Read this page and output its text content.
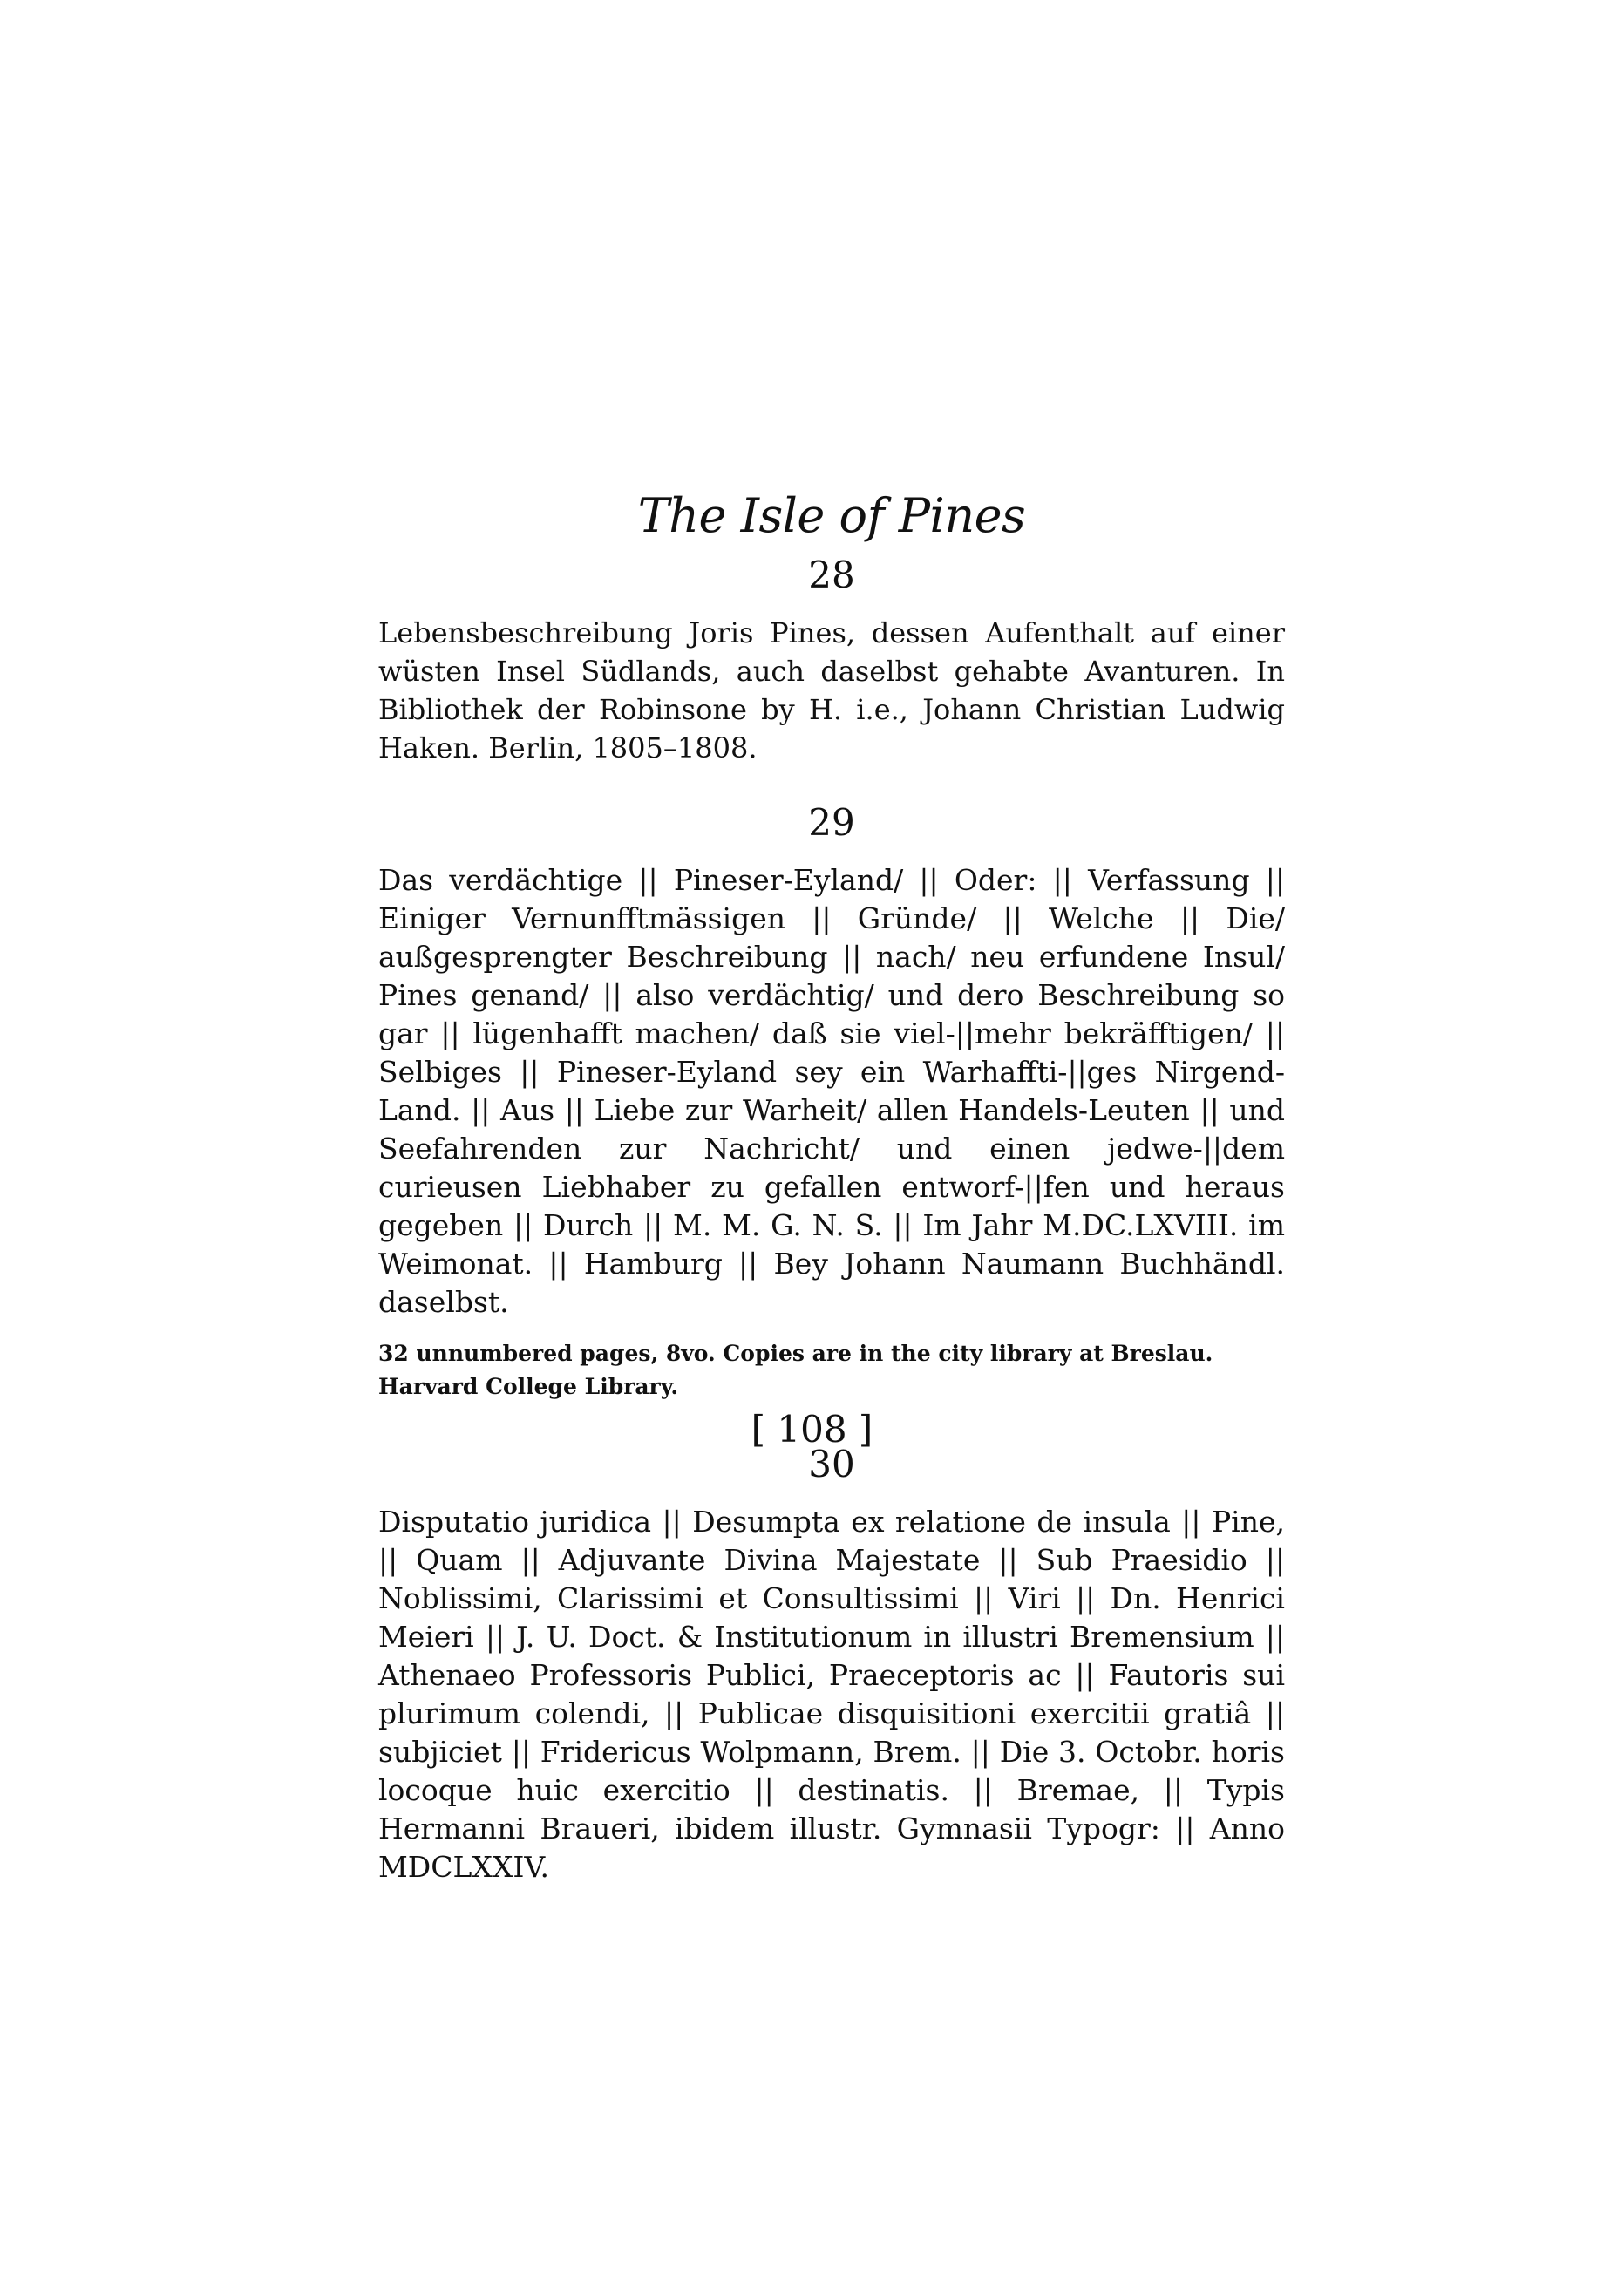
The Isle of Pines
28
Lebensbeschreibung Joris Pines, dessen Aufenthalt auf einer wüsten Insel Südlands, auch daselbst gehabte Avanturen. In Bibliothek der Robinsone by H. i.e., Johann Christian Ludwig Haken. Berlin, 1805–1808.
29
Das verdächtige || Pineser-Eyland/ || Oder: || Verfassung || Einiger Vernunfftmässigen || Gründe/ || Welche || Die/ außgesprengter Beschreibung || nach/ neu erfundene Insul/ Pines genand/ || also verdächtig/ und dero Beschreibung so gar || lügenhafft machen/ daß sie viel-||mehr bekräfftigen/ || Selbiges || Pineser-Eyland sey ein Warhaffti-||ges Nirgend-Land. || Aus || Liebe zur Warheit/ allen Handels-Leuten || und Seefahrenden zur Nachricht/ und einen jedwe-||dem curieusen Liebhaber zu gefallen entworf-||fen und heraus gegeben || Durch || M. M. G. N. S. || Im Jahr M.DC.LXVIII. im Weimonat. || Hamburg || Bey Johann Naumann Buchhändl. daselbst.
32 unnumbered pages, 8vo. Copies are in the city library at Breslau. Harvard College Library.
30
Disputatio juridica || Desumpta ex relatione de insula || Pine, || Quam || Adjuvante Divina Majestate || Sub Praesidio || Noblissimi, Clarissimi et Consultissimi || Viri || Dn. Henrici Meieri || J. U. Doct. & Institutionum in illustri Bremensium || Athenaeo Professoris Publici, Praeceptoris ac || Fautoris sui plurimum colendi, || Publicae disquisitioni exercitii gratiâ || subjiciet || Fridericus Wolpmann, Brem. || Die 3. Octobr. horis locoque huic exercitio || destinatis. || Bremae, || Typis Hermanni Braueri, ibidem illustr. Gymnasii Typogr: || Anno MDCLXXIV.
[ 108 ]
